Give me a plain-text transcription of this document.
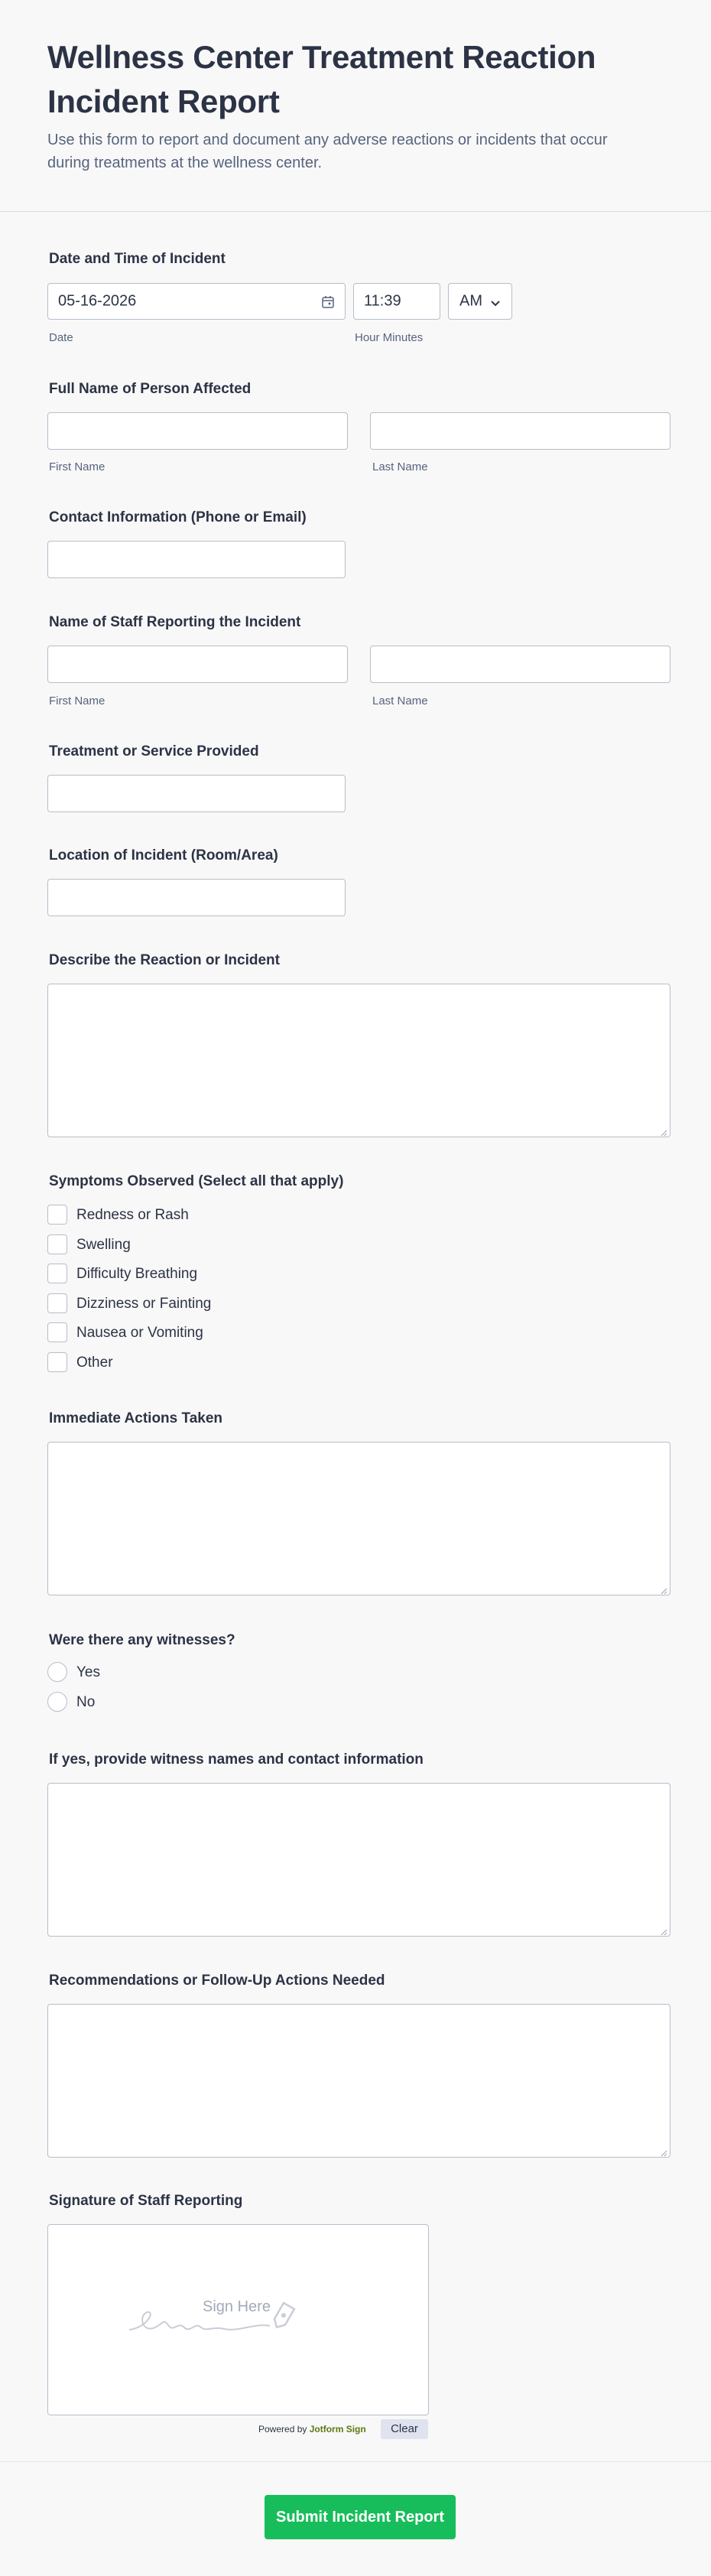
Wellness Center Treatment Reaction
Incident Report
Use this form to report and document any adverse reactions or incidents that occur
during treatments at the wellness center.
Date and Time of Incident
05-16-2026	11:39	AM
Date	Hour Minutes
Full Name of Person Affected
First Name	Last Name
Contact Information (Phone or Email)
Name of Staff Reporting the Incident
First Name	Last Name
Treatment or Service Provided
Location of Incident (Room/Area)
Describe the Reaction or Incident
Symptoms Observed (Select all that apply)
Redness or Rash
Swelling
Difficulty Breathing
Dizziness or Fainting
Nausea or Vomiting
Other
Immediate Actions Taken
Were there any witnesses?
Yes
No
If yes, provide witness names and contact information
Recommendations or Follow-Up Actions Needed
Signature of Staff Reporting
Sign Here
Powered by Jotform Sign	Clear
Submit Incident Report
